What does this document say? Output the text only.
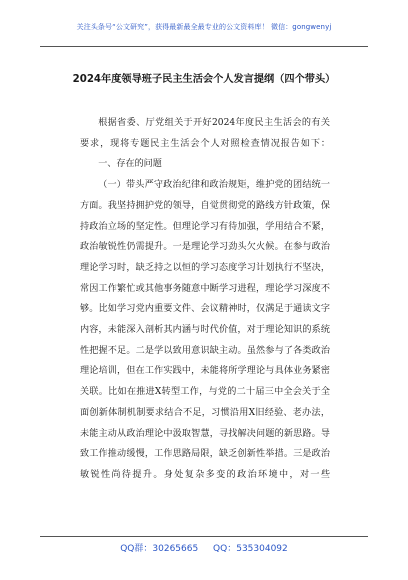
关注头条号“公文研究”，获得最新最全最专业的公文资料库！ 微信：gongwenyj
2024年度领导班子民主生活会个人发言提纲（四个带头）

根据省委、厅党组关于开好2024年度民主生活会的有关要求，现将专题民主生活会个人对照检查情况报告如下：

一、存在的问题

（一）带头严守政治纪律和政治规矩，维护党的团结统一方面。我坚持拥护党的领导，自觉贯彻党的路线方针政策，保持政治立场的坚定性。但理论学习有待加强，学用结合不紧，政治敏锐性仍需提升。一是理论学习劲头欠火候。在参与政治理论学习时，缺乏持之以恒的学习态度学习计划执行不坚决，常因工作繁忙或其他事务随意中断学习进程，理论学习深度不够。比如学习党内重要文件、会议精神时，仅满足于通读文字内容，未能深入剖析其内涵与时代价值，对于理论知识的系统性把握不足。二是学以致用意识缺主动。虽然参与了各类政治理论培训，但在工作实践中，未能将所学理论与具体业务紧密关联。比如在推进X转型工作，与党的二十届三中全会关于全面创新体制机制要求结合不足，习惯沿用X旧经验、老办法，未能主动从政治理论中汲取智慧，寻找解决问题的新思路。导致工作推动缓慢，工作思路局限，缺乏创新性举措。三是政治敏锐性尚待提升。身处复杂多变的政治环境中，对一些

QQ群：30265665 QQ：535304092
